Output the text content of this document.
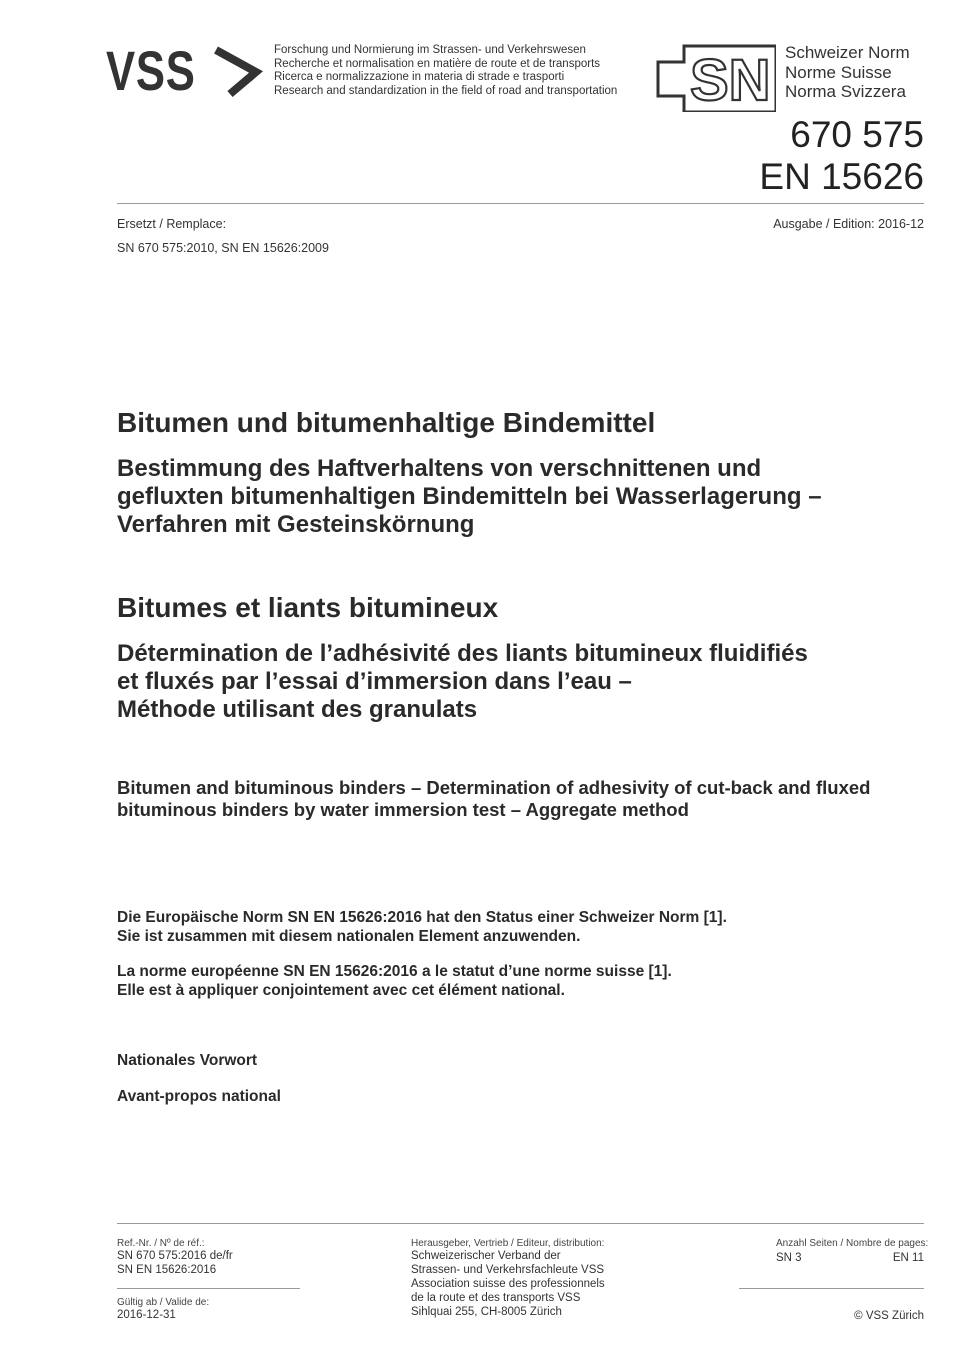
VSS	Forschung und Normierung im Strassen- und Verkehrswesen
Recherche et normalisation en matière de route et de transports
Ricerca e normalizzazione in materia di strade e trasporti
Research and standardization in the field of road and transportation SN Schweizer Norm
Norme Suisse
Norma Svizzera
670 575
EN 15626
Ersetzt / Remplace:
SN 670 575:2010, SN EN 15626:2009
Ausgabe / Edition: 2016-12
Bitumen und bitumenhaltige Bindemittel
Bestimmung des Haftverhaltens von verschnittenen und
gefluxten bitumenhaltigen Bindemitteln bei Wasserlagerung –
Verfahren mit Gesteinskörnung
Bitumes et liants bitumineux
Détermination de l’adhésivité des liants bitumineux fluidifiés
et fluxés par l’essai d’immersion dans l’eau –
Méthode utilisant des granulats
Bitumen and bituminous binders – Determination of adhesivity of cut-back and fluxed
bituminous binders by water immersion test – Aggregate method
Die Europäische Norm SN EN 15626:2016 hat den Status einer Schweizer Norm [1].
Sie ist zusammen mit diesem nationalen Element anzuwenden.
La norme européenne SN EN 15626:2016 a le statut d’une norme suisse [1].
Elle est à appliquer conjointement avec cet élément national.
Nationales Vorwort
Avant-propos national
Ref.-Nr. / Nº de réf.:
SN 670 575:2016 de/fr
SN EN 15626:2016
Gültig ab / Valide de:
2016-12-31
Herausgeber, Vertrieb / Editeur, distribution:
Schweizerischer Verband der
Strassen- und Verkehrsfachleute VSS
Association suisse des professionnels
de la route et des transports VSS
Sihlquai 255, CH-8005 Zürich
Anzahl Seiten / Nombre de pages:
SN 3	EN 11
© VSS Zürich
